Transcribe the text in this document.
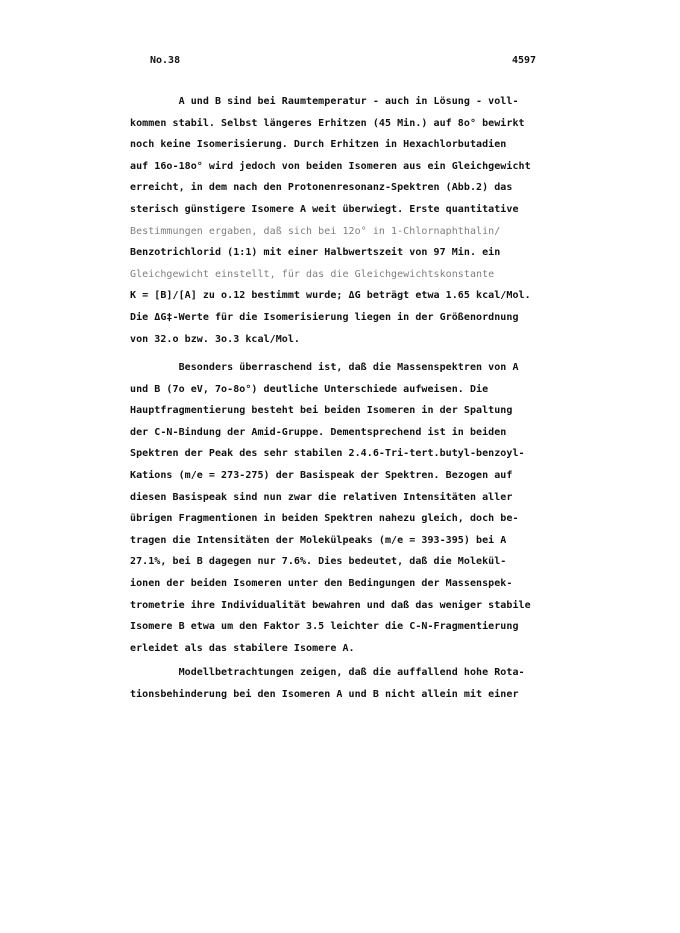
No.38	4597
A und B sind bei Raumtemperatur - auch in Lösung - voll-
kommen stabil. Selbst längeres Erhitzen (45 Min.) auf 8o° bewirkt
noch keine Isomerisierung. Durch Erhitzen in Hexachlorbutadien
auf 16o-18o° wird jedoch von beiden Isomeren aus ein Gleichgewicht
erreicht, in dem nach den Protonenresonanz-Spektren (Abb.2) das
sterisch günstigere Isomere A weit überwiegt. Erste quantitative
Bestimmungen ergaben, daß sich bei 12o° in 1-Chlornaphthalin/
Benzotrichlorid (1:1) mit einer Halbwertszeit von 97 Min. ein
Gleichgewicht einstellt, für das die Gleichgewichtskonstante
K = [B]/[A] zu o.12 bestimmt wurde; ΔG beträgt etwa 1.65 kcal/Mol.
Die ΔG‡-Werte für die Isomerisierung liegen in der Größenordnung
von 32.o bzw. 3o.3 kcal/Mol.
Besonders überraschend ist, daß die Massenspektren von A
und B (7o eV, 7o-8o°) deutliche Unterschiede aufweisen. Die
Hauptfragmentierung besteht bei beiden Isomeren in der Spaltung
der C-N-Bindung der Amid-Gruppe. Dementsprechend ist in beiden
Spektren der Peak des sehr stabilen 2.4.6-Tri-tert.butyl-benzoyl-
Kations (m/e = 273-275) der Basispeak der Spektren. Bezogen auf
diesen Basispeak sind nun zwar die relativen Intensitäten aller
übrigen Fragmentionen in beiden Spektren nahezu gleich, doch be-
tragen die Intensitäten der Molekülpeaks (m/e = 393-395) bei A
27.1%, bei B dagegen nur 7.6%. Dies bedeutet, daß die Molekül-
ionen der beiden Isomeren unter den Bedingungen der Massenspek-
trometrie ihre Individualität bewahren und daß das weniger stabile
Isomere B etwa um den Faktor 3.5 leichter die C-N-Fragmentierung
erleidet als das stabilere Isomere A.
Modellbetrachtungen zeigen, daß die auffallend hohe Rota-
tionsbehinderung bei den Isomeren A und B nicht allein mit einer
